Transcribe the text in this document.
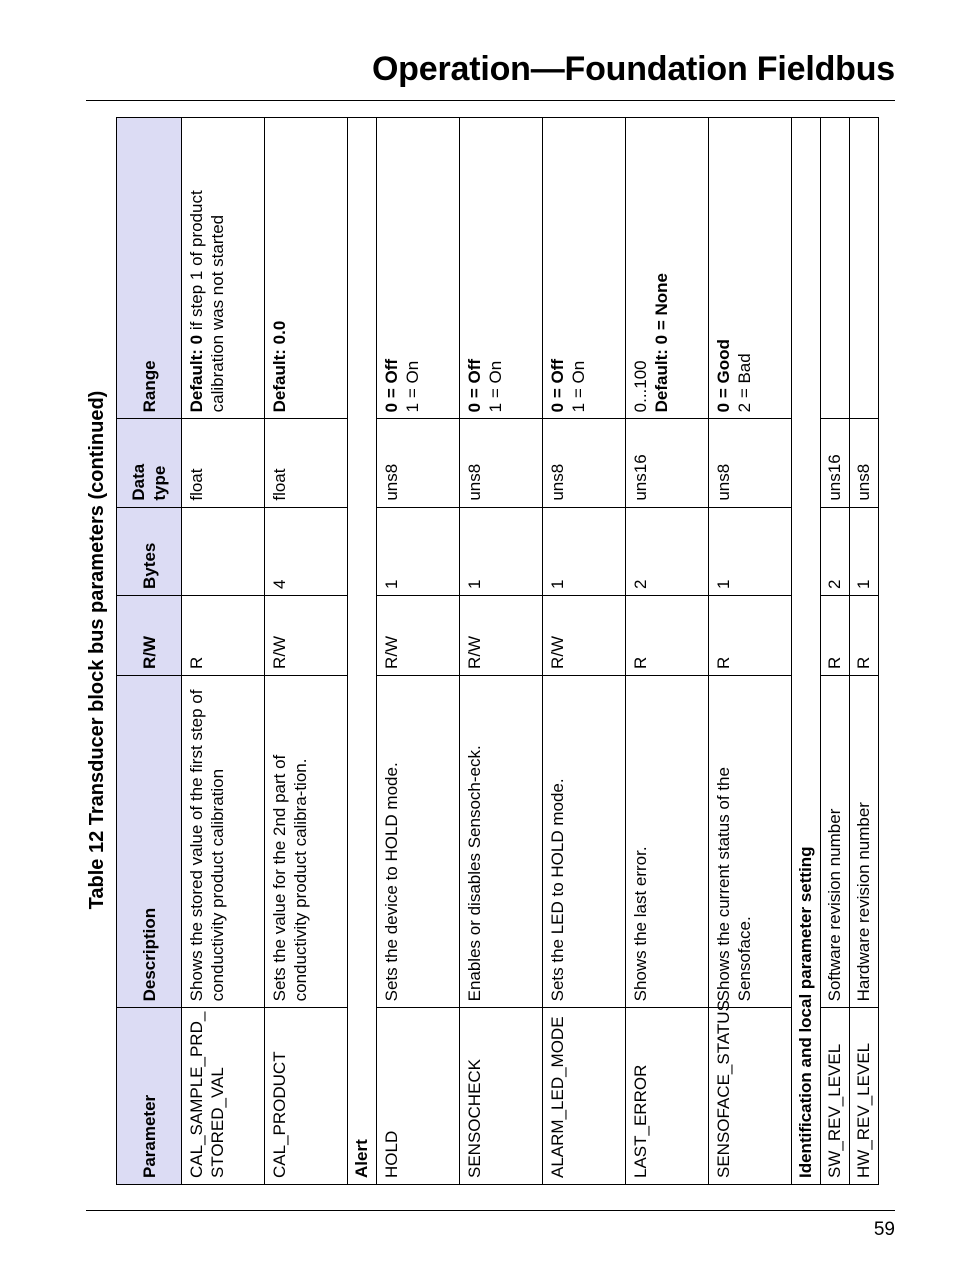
Operation—Foundation Fieldbus
Table 12 Transducer block bus parameters (continued)
Parameter	Description	R/W	Bytes	Data type	Range
CAL_SAMPLE_PRD_ STORED_VAL	Shows the stored value of the first step of conductivity product calibration	R		float	Default: 0 if step 1 of product calibration was not started
CAL_PRODUCT	Sets the value for the 2nd part of conductivity product calibra-tion.	R/W	4	float	Default: 0.0
Alert					
HOLD	Sets the device to HOLD mode.	R/W	1	uns8	0 = Off 1 = On

SENSOCHECK	Enables or disables Sensoch-eck.	R/W	1	uns8	0 = Off 1 = On

ALARM_LED_MODE	Sets the LED to HOLD mode.	R/W	1	uns8	0 = Off 1 = On

LAST_ERROR	Shows the last error.	R	2	uns16	0...100 Default: 0 = None

SENSOFACE_STATUS	Shows the current status of the Sensoface.	R	1	uns8	0 = Good 2 = Bad

Identification and local parameter setting					
SW_REV_LEVEL	Software revision number	R	2	uns16	
HW_REV_LEVEL	Hardware revision number	R	1	uns8	
59
